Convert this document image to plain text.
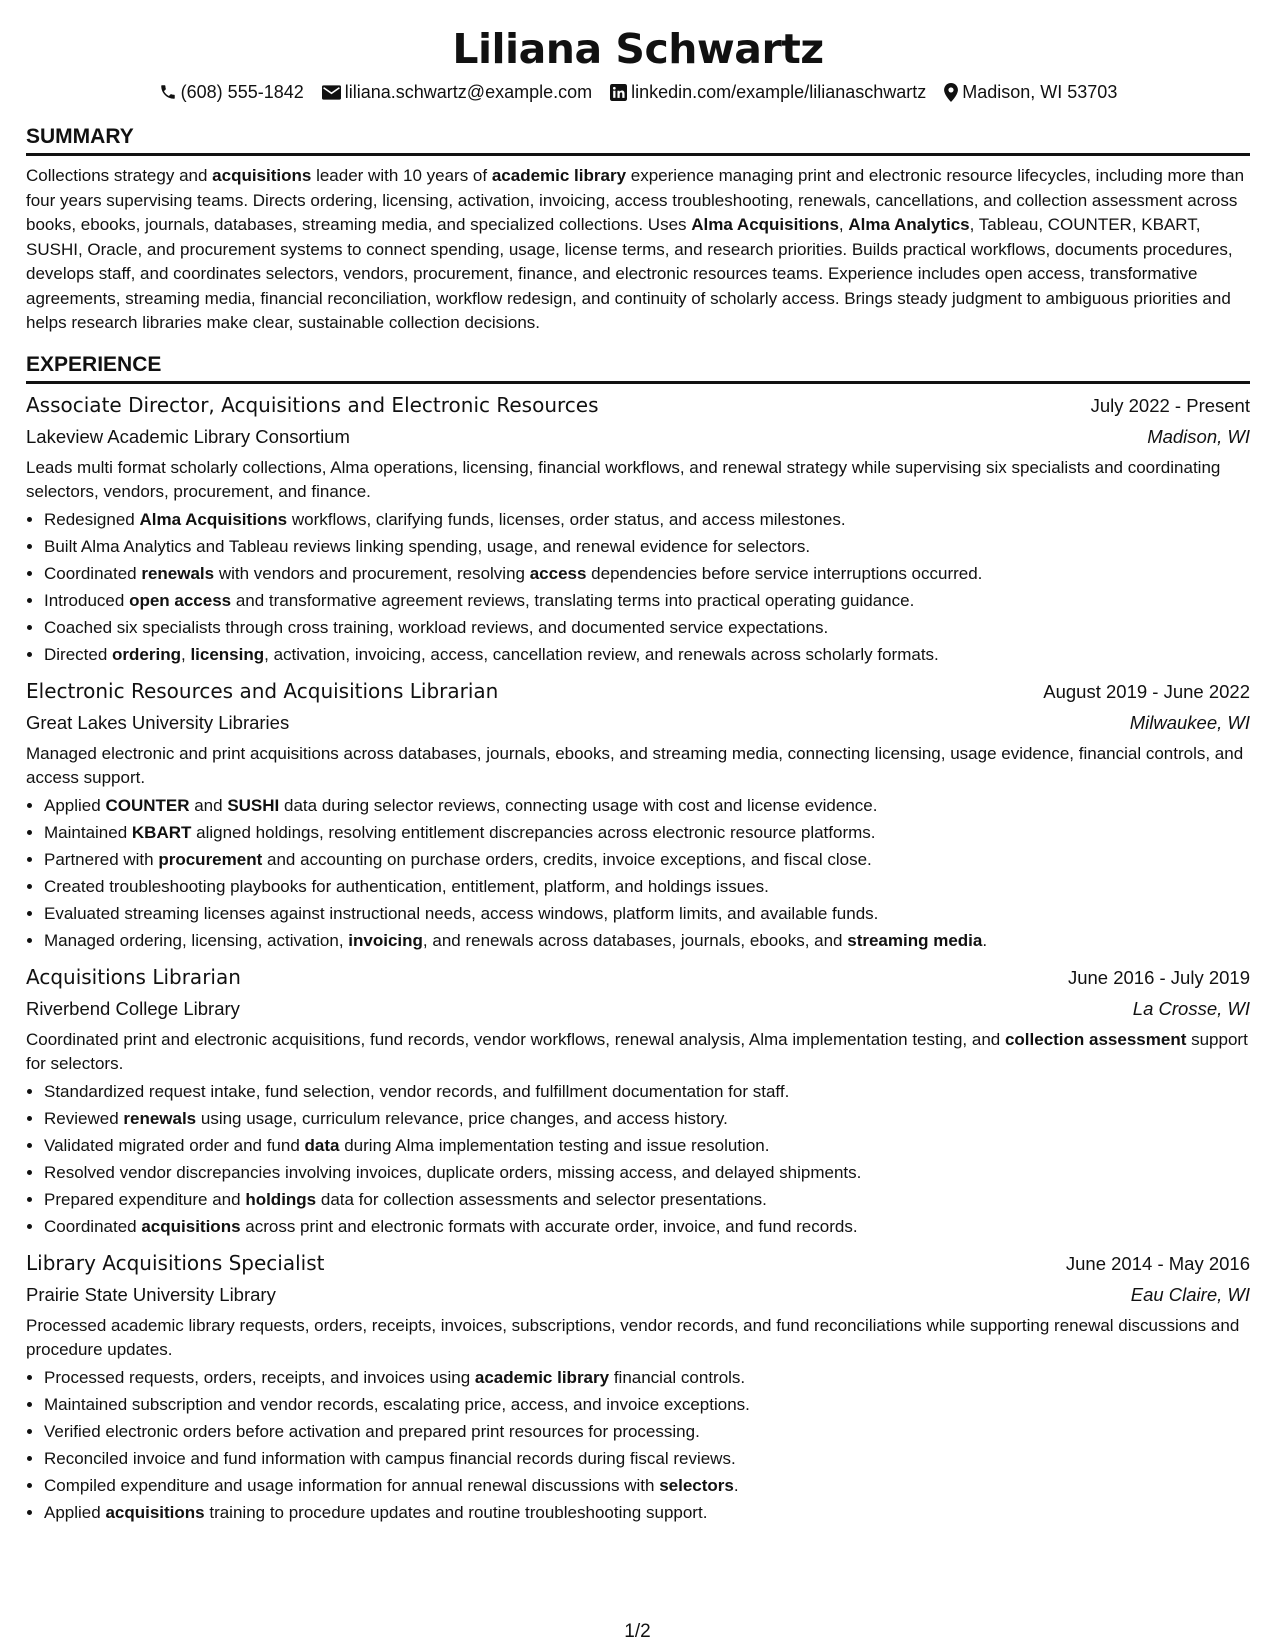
Liliana Schwartz
(608) 555-1842 liliana.schwartz@example.com linkedin.com/example/lilianaschwartz Madison, WI 53703
SUMMARY

Collections strategy and acquisitions leader with 10 years of academic library experience managing print and electronic resource lifecycles, including more than four years supervising teams. Directs ordering, licensing, activation, invoicing, access troubleshooting, renewals, cancellations, and collection assessment across books, ebooks, journals, databases, streaming media, and specialized collections. Uses Alma Acquisitions, Alma Analytics, Tableau, COUNTER, KBART, SUSHI, Oracle, and procurement systems to connect spending, usage, license terms, and research priorities. Builds practical workflows, documents procedures, develops staff, and coordinates selectors, vendors, procurement, finance, and electronic resources teams. Experience includes open access, transformative agreements, streaming media, financial reconciliation, workflow redesign, and continuity of scholarly access. Brings steady judgment to ambiguous priorities and helps research libraries make clear, sustainable collection decisions.

EXPERIENCE
Associate Director, Acquisitions and Electronic Resources	July 2022 - Present
Lakeview Academic Library Consortium	Madison, WI

Leads multi format scholarly collections, Alma operations, licensing, financial workflows, and renewal strategy while supervising six specialists and coordinating selectors, vendors, procurement, and finance.

• Redesigned Alma Acquisitions workflows, clarifying funds, licenses, order status, and access milestones.
• Built Alma Analytics and Tableau reviews linking spending, usage, and renewal evidence for selectors.
• Coordinated renewals with vendors and procurement, resolving access dependencies before service interruptions occurred.
• Introduced open access and transformative agreement reviews, translating terms into practical operating guidance.
• Coached six specialists through cross training, workload reviews, and documented service expectations.
• Directed ordering, licensing, activation, invoicing, access, cancellation review, and renewals across scholarly formats.
Electronic Resources and Acquisitions Librarian	August 2019 - June 2022
Great Lakes University Libraries	Milwaukee, WI

Managed electronic and print acquisitions across databases, journals, ebooks, and streaming media, connecting licensing, usage evidence, financial controls, and access support.

• Applied COUNTER and SUSHI data during selector reviews, connecting usage with cost and license evidence.
• Maintained KBART aligned holdings, resolving entitlement discrepancies across electronic resource platforms.
• Partnered with procurement and accounting on purchase orders, credits, invoice exceptions, and fiscal close.
• Created troubleshooting playbooks for authentication, entitlement, platform, and holdings issues.
• Evaluated streaming licenses against instructional needs, access windows, platform limits, and available funds.
• Managed ordering, licensing, activation, invoicing, and renewals across databases, journals, ebooks, and streaming media.
Acquisitions Librarian	June 2016 - July 2019
Riverbend College Library	La Crosse, WI

Coordinated print and electronic acquisitions, fund records, vendor workflows, renewal analysis, Alma implementation testing, and collection assessment support for selectors.

• Standardized request intake, fund selection, vendor records, and fulfillment documentation for staff.
• Reviewed renewals using usage, curriculum relevance, price changes, and access history.
• Validated migrated order and fund data during Alma implementation testing and issue resolution.
• Resolved vendor discrepancies involving invoices, duplicate orders, missing access, and delayed shipments.
• Prepared expenditure and holdings data for collection assessments and selector presentations.
• Coordinated acquisitions across print and electronic formats with accurate order, invoice, and fund records.
Library Acquisitions Specialist	June 2014 - May 2016
Prairie State University Library	Eau Claire, WI

Processed academic library requests, orders, receipts, invoices, subscriptions, vendor records, and fund reconciliations while supporting renewal discussions and procedure updates.

• Processed requests, orders, receipts, and invoices using academic library financial controls.
• Maintained subscription and vendor records, escalating price, access, and invoice exceptions.
• Verified electronic orders before activation and prepared print resources for processing.
• Reconciled invoice and fund information with campus financial records during fiscal reviews.
• Compiled expenditure and usage information for annual renewal discussions with selectors.
• Applied acquisitions training to procedure updates and routine troubleshooting support.
1/2
